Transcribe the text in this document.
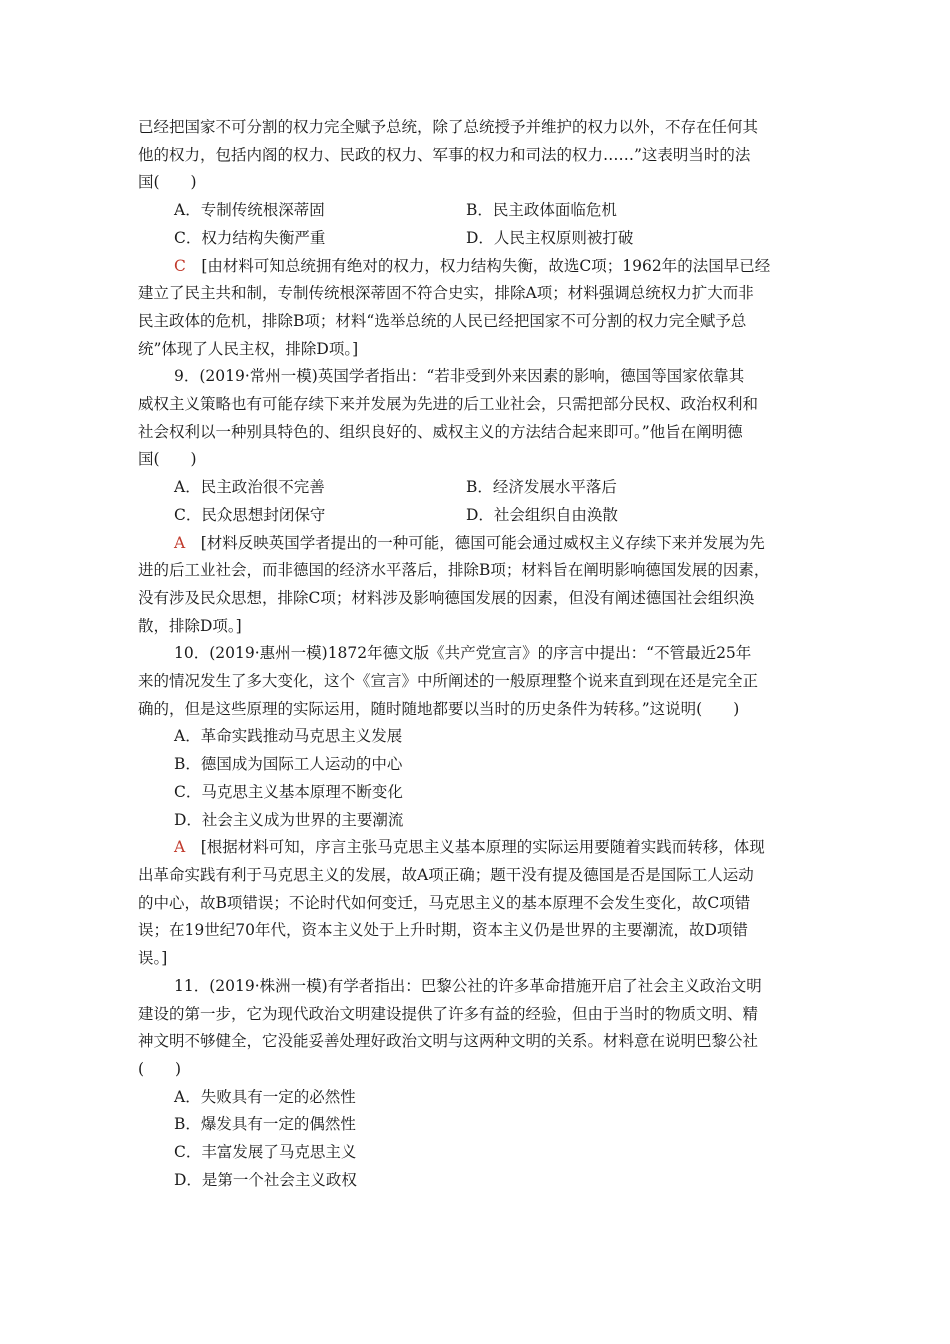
已经把国家不可分割的权力完全赋予总统，除了总统授予并维护的权力以外，不存在任何其

他的权力，包括内阁的权力、民政的权力、军事的权力和司法的权力……”这表明当时的法

国(　　)

A．专制传统根深蒂固	B．民主政体面临危机
C．权力结构失衡严重	D．人民主权原则被打破

C　[由材料可知总统拥有绝对的权力，权力结构失衡，故选C项；1962年的法国早已经

建立了民主共和制，专制传统根深蒂固不符合史实，排除A项；材料强调总统权力扩大而非

民主政体的危机，排除B项；材料“选举总统的人民已经把国家不可分割的权力完全赋予总

统”体现了人民主权，排除D项。]

9．(2019·常州一模)英国学者指出：“若非受到外来因素的影响，德国等国家依靠其

威权主义策略也有可能存续下来并发展为先进的后工业社会，只需把部分民权、政治权利和

社会权利以一种别具特色的、组织良好的、威权主义的方法结合起来即可。”他旨在阐明德

国(　　)

A．民主政治很不完善	B．经济发展水平落后
C．民众思想封闭保守	D．社会组织自由涣散

A　[材料反映英国学者提出的一种可能，德国可能会通过威权主义存续下来并发展为先

进的后工业社会，而非德国的经济水平落后，排除B项；材料旨在阐明影响德国发展的因素，

没有涉及民众思想，排除C项；材料涉及影响德国发展的因素，但没有阐述德国社会组织涣

散，排除D项。]

10．(2019·惠州一模)1872年德文版《共产党宣言》的序言中提出：“不管最近25年

来的情况发生了多大变化，这个《宣言》中所阐述的一般原理整个说来直到现在还是完全正

确的，但是这些原理的实际运用，随时随地都要以当时的历史条件为转移。”这说明(　　)

A．革命实践推动马克思主义发展
B．德国成为国际工人运动的中心
C．马克思主义基本原理不断变化
D．社会主义成为世界的主要潮流

A　[根据材料可知，序言主张马克思主义基本原理的实际运用要随着实践而转移，体现

出革命实践有利于马克思主义的发展，故A项正确；题干没有提及德国是否是国际工人运动

的中心，故B项错误；不论时代如何变迁，马克思主义的基本原理不会发生变化，故C项错

误；在19世纪70年代，资本主义处于上升时期，资本主义仍是世界的主要潮流，故D项错

误。]

11．(2019·株洲一模)有学者指出：巴黎公社的许多革命措施开启了社会主义政治文明

建设的第一步，它为现代政治文明建设提供了许多有益的经验，但由于当时的物质文明、精

神文明不够健全，它没能妥善处理好政治文明与这两种文明的关系。材料意在说明巴黎公社

(　　)

A．失败具有一定的必然性
B．爆发具有一定的偶然性
C．丰富发展了马克思主义
D．是第一个社会主义政权
